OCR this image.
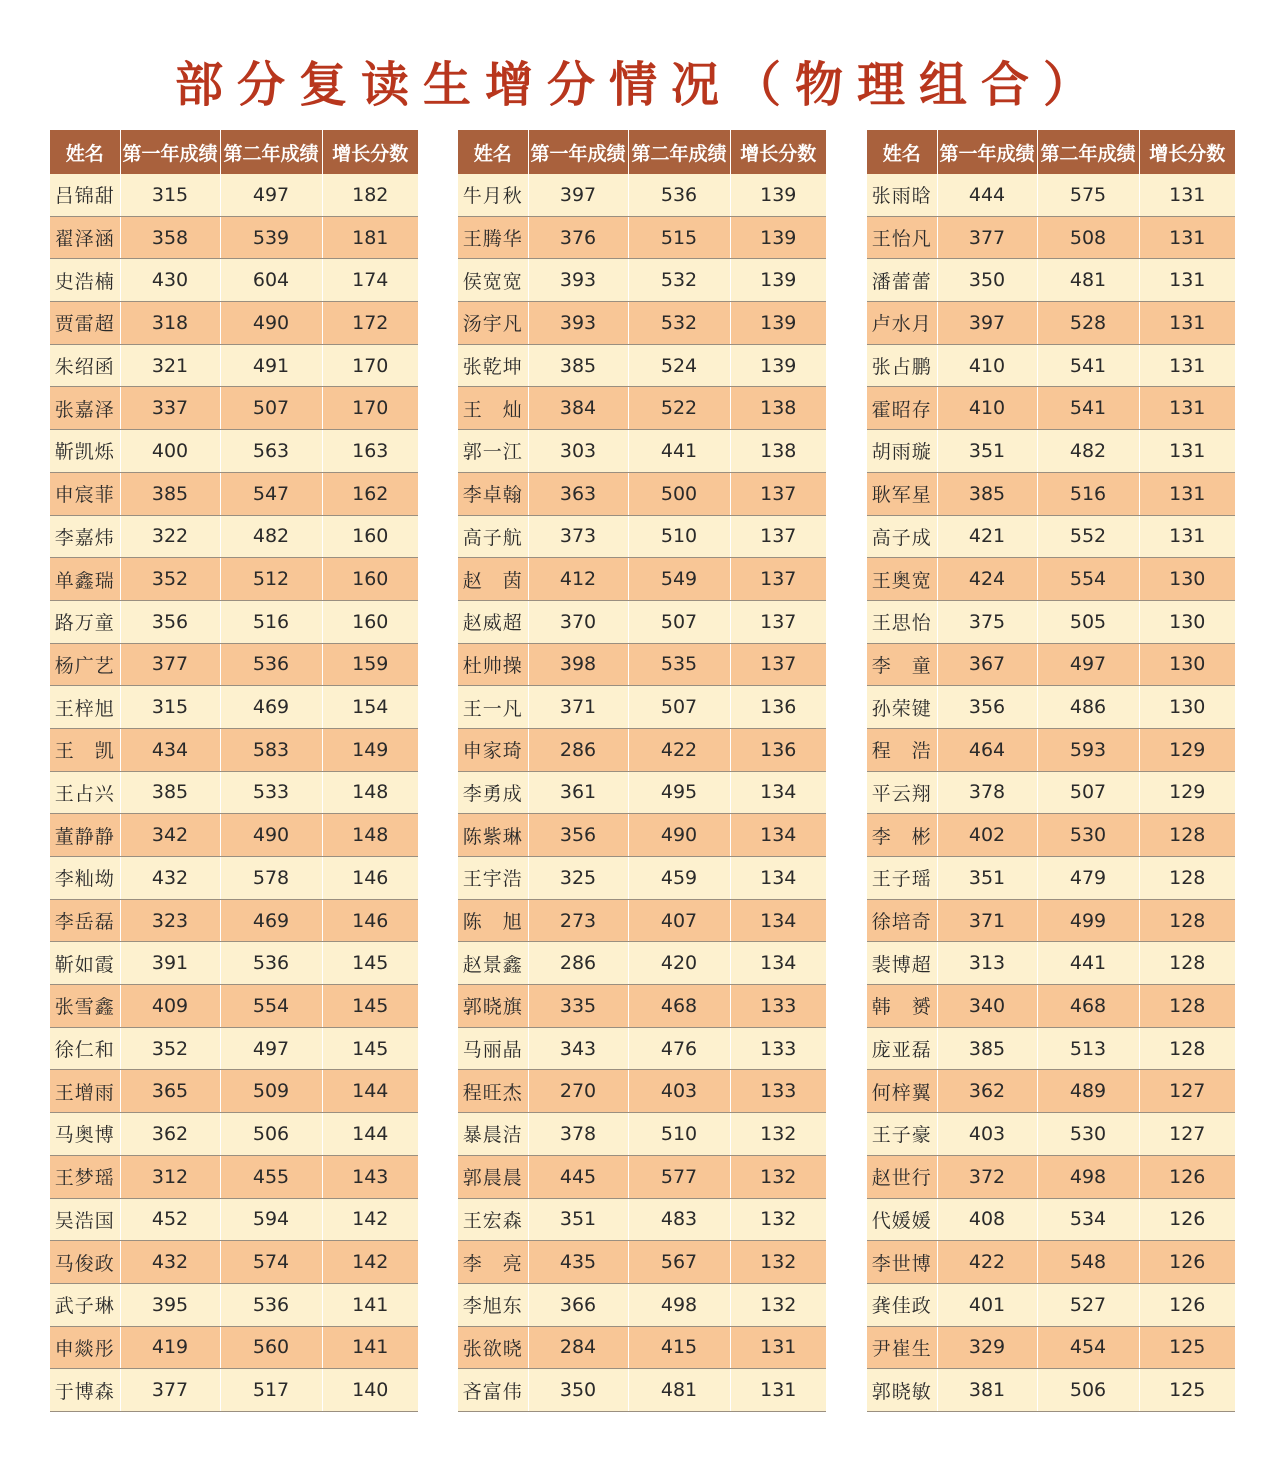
部分复读生增分情况（物理组合）
姓名	第一年成绩	第二年成绩	增长分数
吕锦甜	315	497	182
翟泽涵	358	539	181
史浩楠	430	604	174
贾雷超	318	490	172
朱绍函	321	491	170
张嘉泽	337	507	170
靳凯烁	400	563	163
申宸菲	385	547	162
李嘉炜	322	482	160
单鑫瑞	352	512	160
路万童	356	516	160
杨广艺	377	536	159
王梓旭	315	469	154
王　凯	434	583	149
王占兴	385	533	148
董静静	342	490	148
李籼坳	432	578	146
李岳磊	323	469	146
靳如霞	391	536	145
张雪鑫	409	554	145
徐仁和	352	497	145
王增雨	365	509	144
马奥博	362	506	144
王梦瑶	312	455	143
吴浩国	452	594	142
马俊政	432	574	142
武子琳	395	536	141
申燚彤	419	560	141
于博森	377	517	140
姓名	第一年成绩	第二年成绩	增长分数
牛月秋	397	536	139
王腾华	376	515	139
侯宽宽	393	532	139
汤宇凡	393	532	139
张乾坤	385	524	139
王　灿	384	522	138
郭一江	303	441	138
李卓翰	363	500	137
高子航	373	510	137
赵　茵	412	549	137
赵威超	370	507	137
杜帅操	398	535	137
王一凡	371	507	136
申家琦	286	422	136
李勇成	361	495	134
陈紫琳	356	490	134
王宇浩	325	459	134
陈　旭	273	407	134
赵景鑫	286	420	134
郭晓旗	335	468	133
马丽晶	343	476	133
程旺杰	270	403	133
暴晨洁	378	510	132
郭晨晨	445	577	132
王宏森	351	483	132
李　亮	435	567	132
李旭东	366	498	132
张欲晓	284	415	131
吝富伟	350	481	131
姓名	第一年成绩	第二年成绩	增长分数
张雨晗	444	575	131
王怡凡	377	508	131
潘蕾蕾	350	481	131
卢水月	397	528	131
张占鹏	410	541	131
霍昭存	410	541	131
胡雨璇	351	482	131
耿军星	385	516	131
高子成	421	552	131
王奥宽	424	554	130
王思怡	375	505	130
李　童	367	497	130
孙荣键	356	486	130
程　浩	464	593	129
平云翔	378	507	129
李　彬	402	530	128
王子瑶	351	479	128
徐培奇	371	499	128
裴博超	313	441	128
韩　赟	340	468	128
庞亚磊	385	513	128
何梓翼	362	489	127
王子豪	403	530	127
赵世行	372	498	126
代媛媛	408	534	126
李世博	422	548	126
龚佳政	401	527	126
尹崔生	329	454	125
郭晓敏	381	506	125
